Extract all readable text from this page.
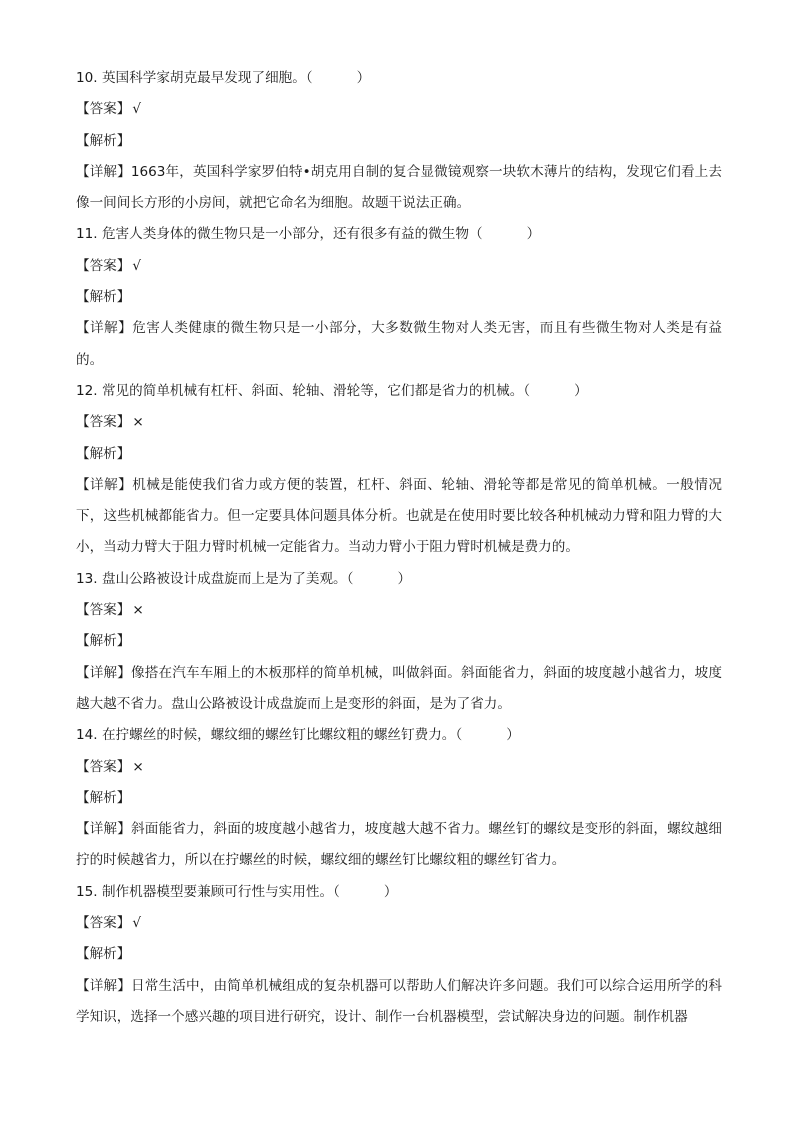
10. 英国科学家胡克最早发现了细胞。（	）
【答案】 √
【解析】
【详解】1663年，英国科学家罗伯特•胡克用自制的复合显微镜观察一块软木薄片的结构，发现它们看上去像一间间长方形的小房间，就把它命名为细胞。故题干说法正确。
11. 危害人类身体的微生物只是一小部分，还有很多有益的微生物（	）
【答案】 √
【解析】
【详解】危害人类健康的微生物只是一小部分，大多数微生物对人类无害，而且有些微生物对人类是有益的。
12. 常见的简单机械有杠杆、斜面、轮轴、滑轮等，它们都是省力的机械。（	）
【答案】 ×
【解析】
【详解】机械是能使我们省力或方便的装置，杠杆、斜面、轮轴、滑轮等都是常见的简单机械。一般情况下，这些机械都能省力。但一定要具体问题具体分析。也就是在使用时要比较各种机械动力臂和阻力臂的大小，当动力臂大于阻力臂时机械一定能省力。当动力臂小于阻力臂时机械是费力的。
13. 盘山公路被设计成盘旋而上是为了美观。（	）
【答案】 ×
【解析】
【详解】像搭在汽车车厢上的木板那样的简单机械，叫做斜面。斜面能省力，斜面的坡度越小越省力，坡度越大越不省力。盘山公路被设计成盘旋而上是变形的斜面，是为了省力。
14. 在拧螺丝的时候，螺纹细的螺丝钉比螺纹粗的螺丝钉费力。（	）
【答案】 ×
【解析】
【详解】斜面能省力，斜面的坡度越小越省力，坡度越大越不省力。螺丝钉的螺纹是变形的斜面，螺纹越细拧的时候越省力，所以在拧螺丝的时候，螺纹细的螺丝钉比螺纹粗的螺丝钉省力。
15. 制作机器模型要兼顾可行性与实用性。（	）
【答案】 √
【解析】
【详解】日常生活中，由简单机械组成的复杂机器可以帮助人们解决许多问题。我们可以综合运用所学的科学知识，选择一个感兴趣的项目进行研究，设计、制作一台机器模型，尝试解决身边的问题。制作机器
